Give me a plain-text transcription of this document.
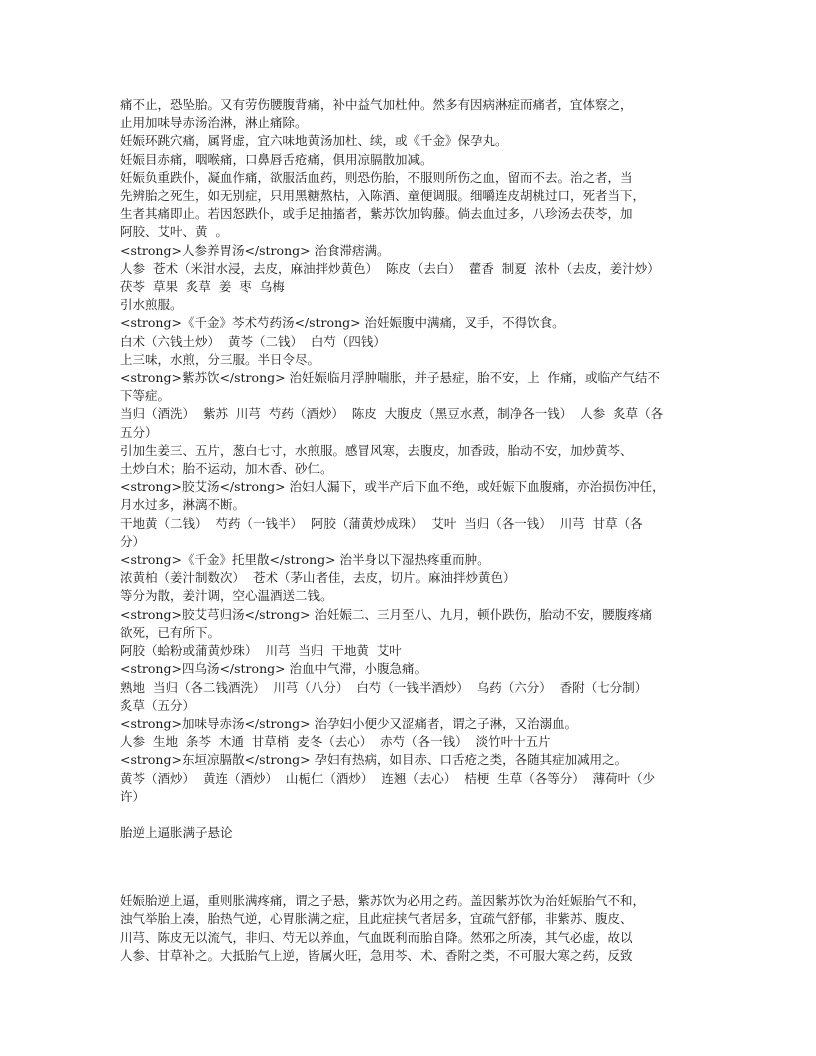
痛不止，恐坠胎。又有劳伤腰腹背痛，补中益气加杜仲。然多有因病淋症而痛者，宜体察之，

止用加味导赤汤治淋，淋止痛除。

妊娠环跳穴痛，属肾虚，宜六味地黄汤加杜、续，或《千金》保孕丸。

妊娠目赤痛，咽喉痛，口鼻唇舌疮痛，俱用凉膈散加减。

妊娠负重跌仆，凝血作痛，欲服活血药，则恐伤胎，不服则所伤之血，留而不去。治之者，当

先辨胎之死生，如无别症，只用黑糖熬枯，入陈酒、童便调服。细嚼连皮胡桃过口，死者当下，

生者其痛即止。若因怒跌仆，或手足抽搐者，紫苏饮加钩藤。倘去血过多，八珍汤去茯苓，加

阿胶、艾叶、黄  。

<strong>人参养胃汤</strong> 治食滞痞满。

人参  苍术（米泔水浸，去皮，麻油拌炒黄色）  陈皮（去白）  藿香  制夏  浓朴（去皮，姜汁炒）

茯苓  草果  炙草  姜  枣  乌梅

引水煎服。

<strong>《千金》芩术芍药汤</strong> 治妊娠腹中满痛，叉手，不得饮食。

白术（六钱土炒）  黄芩（二钱）  白芍（四钱）

上三味，水煎，分三服。半日令尽。

<strong>紫苏饮</strong> 治妊娠临月浮肿喘胀，并子悬症，胎不安，上  作痛，或临产气结不

下等症。

当归（酒洗）  紫苏  川芎  芍药（酒炒）  陈皮  大腹皮（黑豆水煮，制净各一钱）  人参  炙草（各

五分）

引加生姜三、五片，葱白七寸，水煎服。感冒风寒，去腹皮，加香豉，胎动不安，加炒黄芩、

土炒白术；胎不运动，加木香、砂仁。

<strong>胶艾汤</strong> 治妇人漏下，或半产后下血不绝，或妊娠下血腹痛，亦治损伤冲任，

月水过多，淋漓不断。

干地黄（二钱）  芍药（一钱半）  阿胶（蒲黄炒成珠）  艾叶  当归（各一钱）  川芎  甘草（各

分）

<strong>《千金》托里散</strong> 治半身以下湿热疼重而肿。

浓黄柏（姜汁制数次）  苍术（茅山者佳，去皮，切片。麻油拌炒黄色）

等分为散，姜汁调，空心温酒送二钱。

<strong>胶艾芎归汤</strong> 治妊娠二、三月至八、九月，顿仆跌伤，胎动不安，腰腹疼痛

欲死，已有所下。

阿胶（蛤粉或蒲黄炒珠）  川芎  当归  干地黄  艾叶

<strong>四乌汤</strong> 治血中气滞，小腹急痛。

熟地  当归（各二钱酒洗）  川芎（八分）  白芍（一钱半酒炒）  乌药（六分）  香附（七分制）

炙草（五分）

<strong>加味导赤汤</strong> 治孕妇小便少又涩痛者，谓之子淋，又治溺血。

人参  生地  条芩  木通  甘草梢  麦冬（去心）  赤芍（各一钱）  淡竹叶十五片

<strong>东垣凉膈散</strong> 孕妇有热病，如目赤、口舌疮之类，各随其症加减用之。

黄芩（酒炒）  黄连（酒炒）  山栀仁（酒炒）  连翘（去心）  桔梗  生草（各等分）  薄荷叶（少

许）

胎逆上逼胀满子悬论

妊娠胎逆上逼，重则胀满疼痛，谓之子悬，紫苏饮为必用之药。盖因紫苏饮为治妊娠胎气不和，

浊气举胎上凑，胎热气逆，心胃胀满之症，且此症挟气者居多，宜疏气舒郁，非紫苏、腹皮、

川芎、陈皮无以流气，非归、芍无以养血，气血既利而胎自降。然邪之所凑，其气必虚，故以

人参、甘草补之。大抵胎气上逆，皆属火旺，急用芩、术、香附之类，不可服大寒之药，反致
